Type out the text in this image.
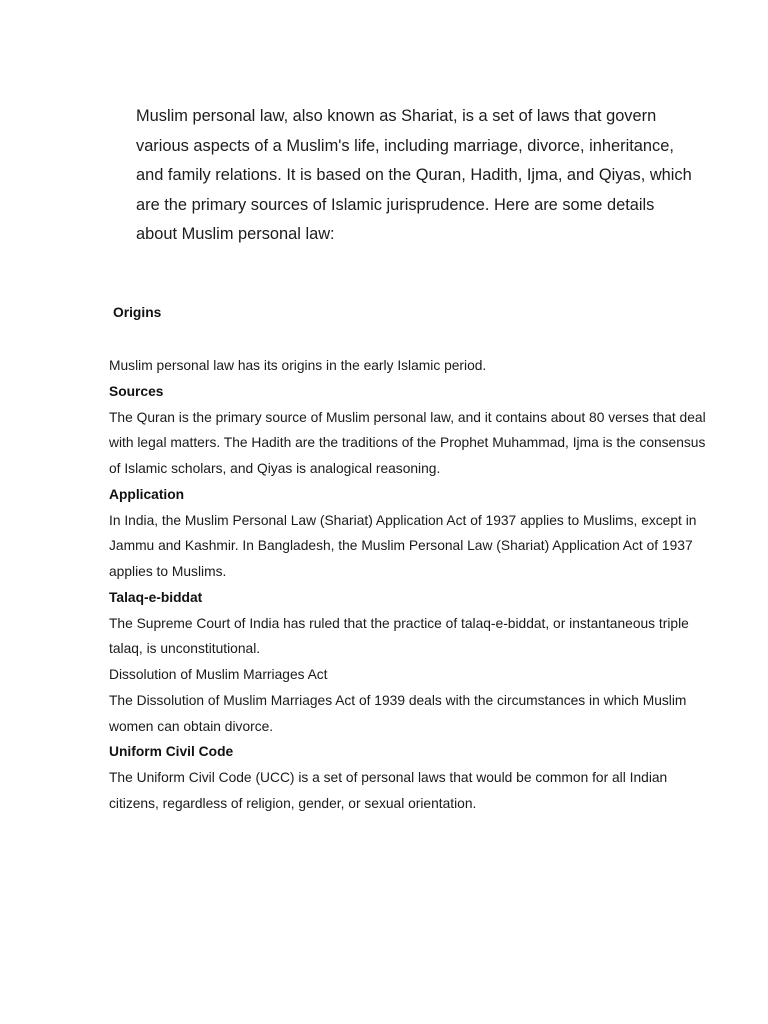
Muslim personal law, also known as Shariat, is a set of laws that govern various aspects of a Muslim's life, including marriage, divorce, inheritance, and family relations. It is based on the Quran, Hadith, Ijma, and Qiyas, which are the primary sources of Islamic jurisprudence. Here are some details about Muslim personal law:

Origins

Muslim personal law has its origins in the early Islamic period.

Sources

The Quran is the primary source of Muslim personal law, and it contains about 80 verses that deal with legal matters. The Hadith are the traditions of the Prophet Muhammad, Ijma is the consensus of Islamic scholars, and Qiyas is analogical reasoning.

Application

In India, the Muslim Personal Law (Shariat) Application Act of 1937 applies to Muslims, except in Jammu and Kashmir. In Bangladesh, the Muslim Personal Law (Shariat) Application Act of 1937 applies to Muslims.

Talaq-e-biddat

The Supreme Court of India has ruled that the practice of talaq-e-biddat, or instantaneous triple talaq, is unconstitutional.

Dissolution of Muslim Marriages Act

The Dissolution of Muslim Marriages Act of 1939 deals with the circumstances in which Muslim women can obtain divorce.

Uniform Civil Code

The Uniform Civil Code (UCC) is a set of personal laws that would be common for all Indian citizens, regardless of religion, gender, or sexual orientation.
